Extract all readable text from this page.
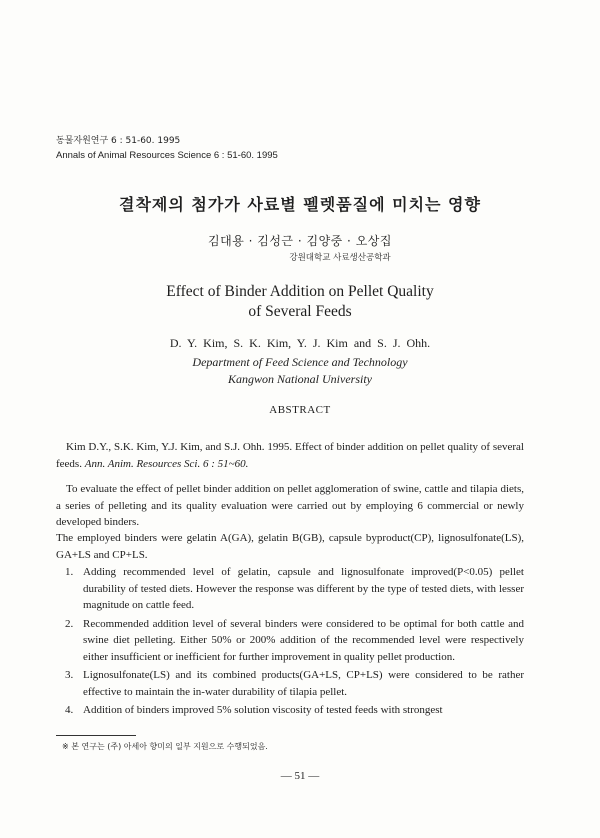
동물자원연구 6 : 51-60. 1995
Annals of Animal Resources Science 6 : 51-60. 1995
결착제의 첨가가 사료별 펠렛품질에 미치는 영향
김대용 · 김성근 · 김양중 · 오상집
강원대학교 사료생산공학과
Effect of Binder Addition on Pellet Quality
of Several Feeds
D. Y. Kim, S. K. Kim, Y. J. Kim and S. J. Ohh.
Department of Feed Science and Technology
Kangwon National University
ABSTRACT
Kim D.Y., S.K. Kim, Y.J. Kim, and S.J. Ohh. 1995. Effect of binder addition on pellet quality of several feeds. Ann. Anim. Resources Sci. 6 : 51~60.
To evaluate the effect of pellet binder addition on pellet agglomeration of swine, cattle and tilapia diets, a series of pelleting and its quality evaluation were carried out by employing 6 commercial or newly developed binders.
The employed binders were gelatin A(GA), gelatin B(GB), capsule byproduct(CP), lignosulfonate(LS), GA+LS and CP+LS.
1. Adding recommended level of gelatin, capsule and lignosulfonate improved(P<0.05) pellet durability of tested diets. However the response was different by the type of tested diets, with lesser magnitude on cattle feed.
2. Recommended addition level of several binders were considered to be optimal for both cattle and swine diet pelleting. Either 50% or 200% addition of the recommended level were respectively either insufficient or inefficient for further improvement in quality pellet production.
3. Lignosulfonate(LS) and its combined products(GA+LS, CP+LS) were considered to be rather effective to maintain the in-water durability of tilapia pellet.
4. Addition of binders improved 5% solution viscosity of tested feeds with strongest
※ 본 연구는 (주) 아세아 향미의 일부 지원으로 수행되었음.
— 51 —
